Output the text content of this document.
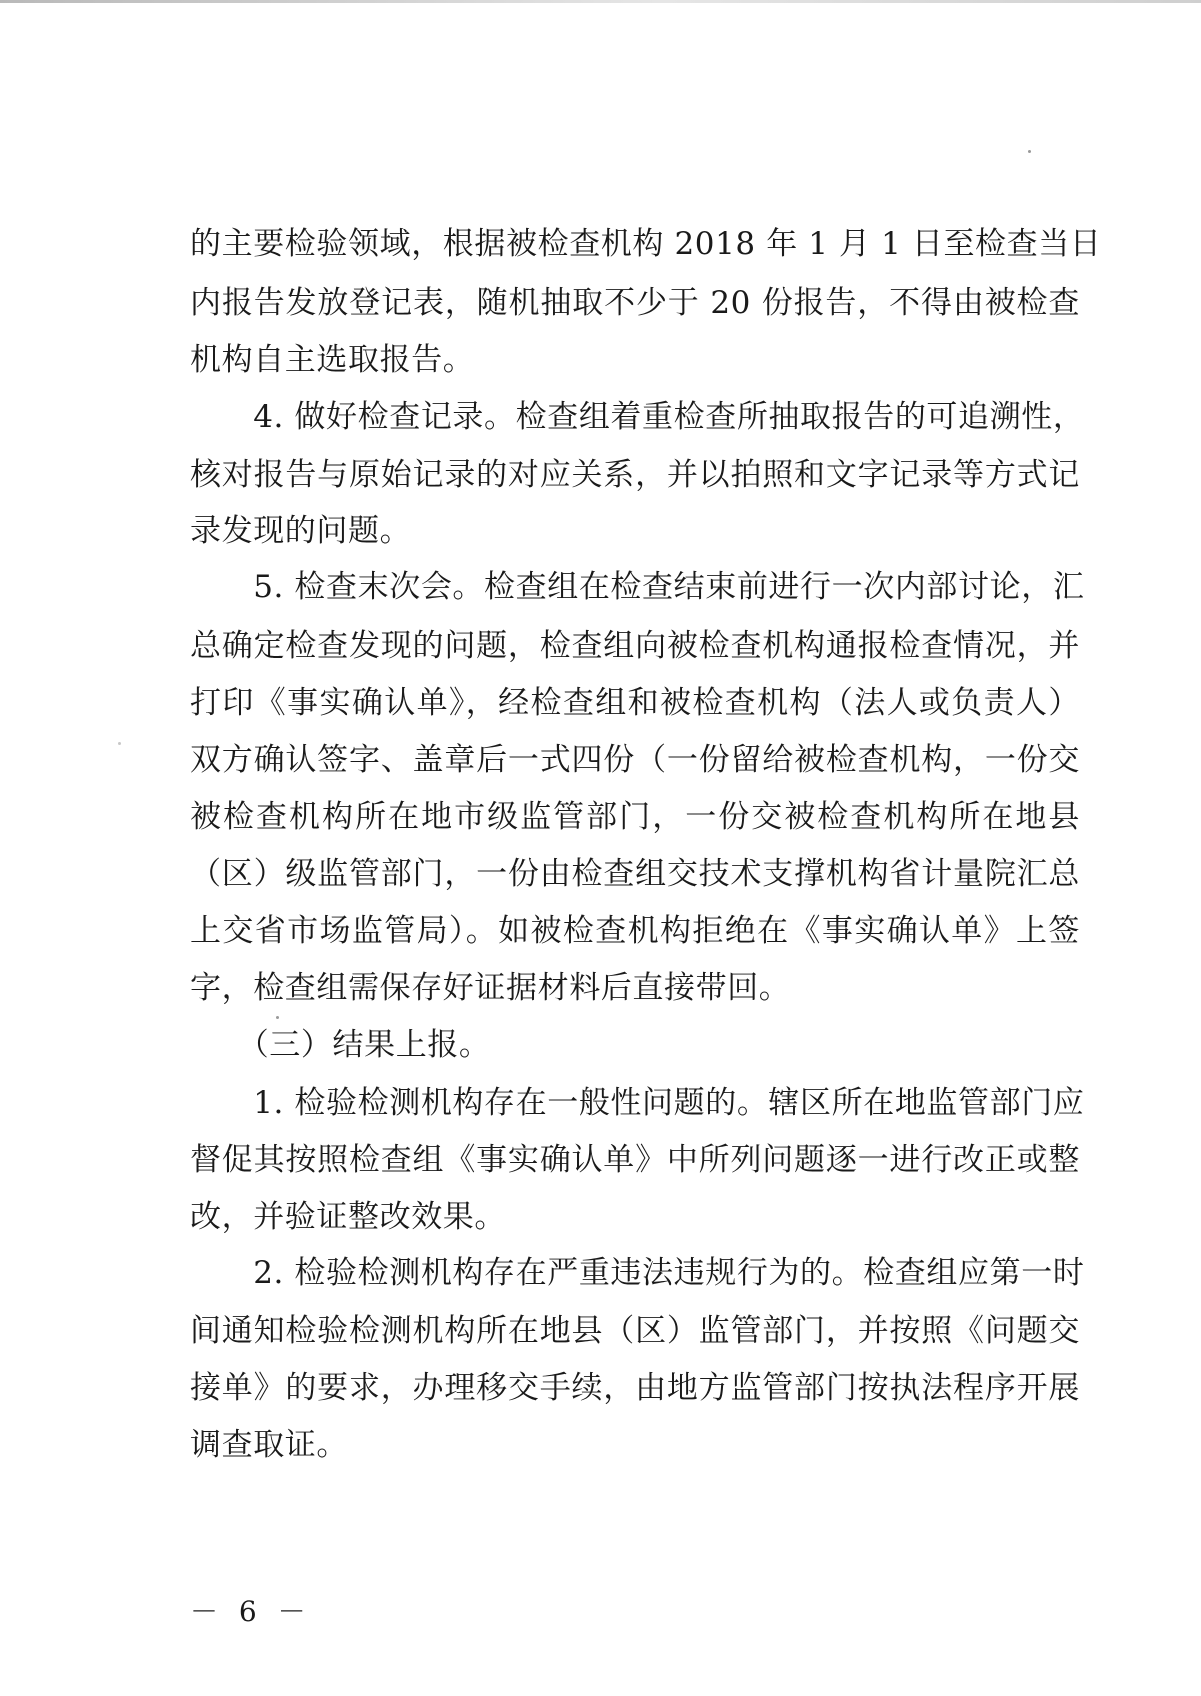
的主要检验领域，根据被检查机构 2018 年 1 月 1 日至检查当日
内报告发放登记表，随机抽取不少于 20 份报告，不得由被检查
机构自主选取报告。
　　4. 做好检查记录。检查组着重检查所抽取报告的可追溯性，
核对报告与原始记录的对应关系，并以拍照和文字记录等方式记
录发现的问题。
　　5. 检查末次会。检查组在检查结束前进行一次内部讨论，汇
总确定检查发现的问题，检查组向被检查机构通报检查情况，并
打印《事实确认单》，经检查组和被检查机构（法人或负责人）
双方确认签字、盖章后一式四份（一份留给被检查机构，一份交
被检查机构所在地市级监管部门，一份交被检查机构所在地县
（区）级监管部门，一份由检查组交技术支撑机构省计量院汇总
上交省市场监管局）。如被检查机构拒绝在《事实确认单》上签
字，检查组需保存好证据材料后直接带回。
　　（三）结果上报。
　　1. 检验检测机构存在一般性问题的。辖区所在地监管部门应
督促其按照检查组《事实确认单》中所列问题逐一进行改正或整
改，并验证整改效果。
　　2. 检验检测机构存在严重违法违规行为的。检查组应第一时
间通知检验检测机构所在地县（区）监管部门，并按照《问题交
接单》的要求，办理移交手续，由地方监管部门按执法程序开展
调查取证。
－ 6 －
